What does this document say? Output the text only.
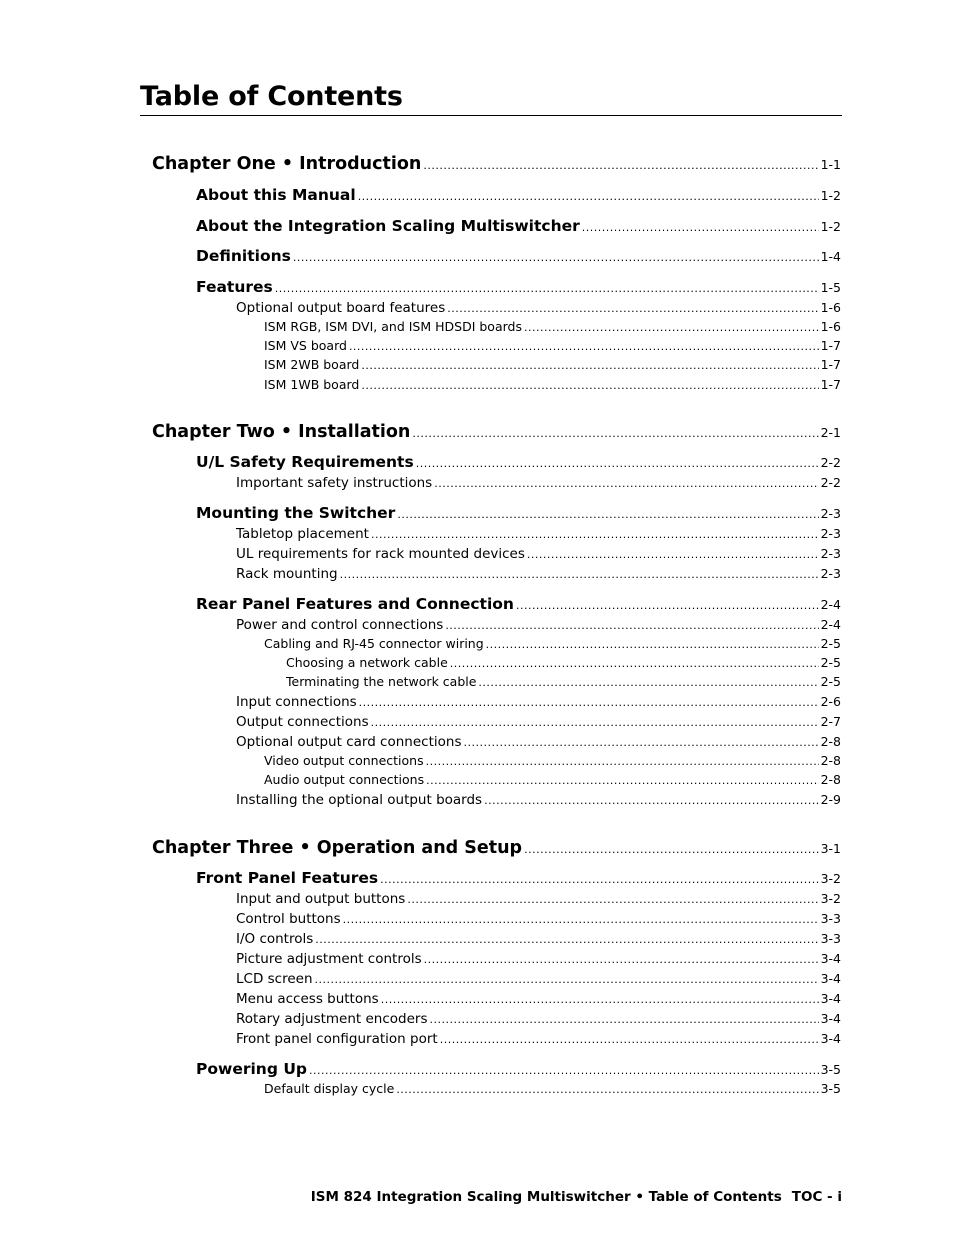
Table of Contents
Chapter One • Introduction .....	1-1
About this Manual .....	1-2
About the Integration Scaling Multiswitcher .....	1-2
Definitions .....	1-4
Features .....	1-5
Optional output board features .....	1-6
ISM RGB, ISM DVI, and ISM HDSDI boards .....	1-6
ISM VS board .....	1-7
ISM 2WB board .....	1-7
ISM 1WB board .....	1-7
Chapter Two • Installation .....	2-1
U/L Safety Requirements .....	2-2
Important safety instructions .....	2-2
Mounting the Switcher .....	2-3
Tabletop placement .....	2-3
UL requirements for rack mounted devices .....	2-3
Rack mounting .....	2-3
Rear Panel Features and Connection .....	2-4
Power and control connections .....	2-4
Cabling and RJ-45 connector wiring .....	2-5
Choosing a network cable .....	2-5
Terminating the network cable .....	2-5
Input connections .....	2-6
Output connections .....	2-7
Optional output card connections .....	2-8
Video output connections .....	2-8
Audio output connections .....	2-8
Installing the optional output boards .....	2-9
Chapter Three • Operation and Setup .....	3-1
Front Panel Features .....	3-2
Input and output buttons .....	3-2
Control buttons .....	3-3
I/O controls .....	3-3
Picture adjustment controls .....	3-4
LCD screen .....	3-4
Menu access buttons .....	3-4
Rotary adjustment encoders .....	3-4
Front panel configuration port .....	3-4
Powering Up .....	3-5
Default display cycle .....	3-5
ISM 824 Integration Scaling Multiswitcher • Table of Contents TOC - i
